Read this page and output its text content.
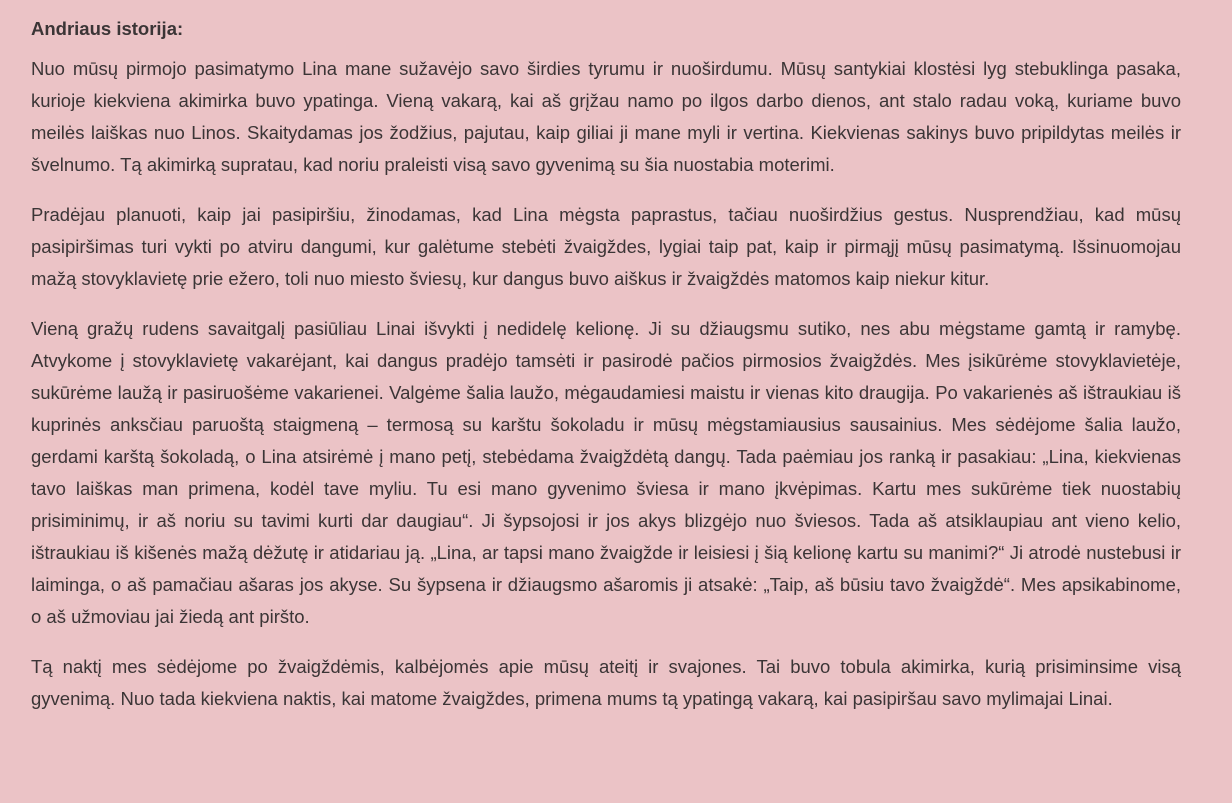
Andriaus istorija:

Nuo mūsų pirmojo pasimatymo Lina mane sužavėjo savo širdies tyrumu ir nuoširdumu. Mūsų santykiai klostėsi lyg stebuklinga pasaka, kurioje kiekviena akimirka buvo ypatinga. Vieną vakarą, kai aš grįžau namo po ilgos darbo dienos, ant stalo radau voką, kuriame buvo meilės laiškas nuo Linos. Skaitydamas jos žodžius, pajutau, kaip giliai ji mane myli ir vertina. Kiekvienas sakinys buvo pripildytas meilės ir švelnumo. Tą akimirką supratau, kad noriu praleisti visą savo gyvenimą su šia nuostabia moterimi.

Pradėjau planuoti, kaip jai pasipiršiu, žinodamas, kad Lina mėgsta paprastus, tačiau nuoširdžius gestus. Nusprendžiau, kad mūsų pasipiršimas turi vykti po atviru dangumi, kur galėtume stebėti žvaigždes, lygiai taip pat, kaip ir pirmąjį mūsų pasimatymą. Išsinuomojau mažą stovyklavietę prie ežero, toli nuo miesto šviesų, kur dangus buvo aiškus ir žvaigždės matomos kaip niekur kitur.

Vieną gražų rudens savaitgalį pasiūliau Linai išvykti į nedidelę kelionę. Ji su džiaugsmu sutiko, nes abu mėgstame gamtą ir ramybę. Atvykome į stovyklavietę vakarėjant, kai dangus pradėjo tamsėti ir pasirodė pačios pirmosios žvaigždės. Mes įsikūrėme stovyklavietėje, sukūrėme laužą ir pasiruošėme vakarienei. Valgėme šalia laužo, mėgaudamiesi maistu ir vienas kito draugija. Po vakarienės aš ištraukiau iš kuprinės anksčiau paruoštą staigmeną – termosą su karštu šokoladu ir mūsų mėgstamiausius sausainius. Mes sėdėjome šalia laužo, gerdami karštą šokoladą, o Lina atsirėmė į mano petį, stebėdama žvaigždėtą dangų. Tada paėmiau jos ranką ir pasakiau: „Lina, kiekvienas tavo laiškas man primena, kodėl tave myliu. Tu esi mano gyvenimo šviesa ir mano įkvėpimas. Kartu mes sukūrėme tiek nuostabių prisiminimų, ir aš noriu su tavimi kurti dar daugiau“. Ji šypsojosi ir jos akys blizgėjo nuo šviesos. Tada aš atsiklaupiau ant vieno kelio, ištraukiau iš kišenės mažą dėžutę ir atidariau ją. „Lina, ar tapsi mano žvaigžde ir leisiesi į šią kelionę kartu su manimi?“ Ji atrodė nustebusi ir laiminga, o aš pamačiau ašaras jos akyse. Su šypsena ir džiaugsmo ašaromis ji atsakė: „Taip, aš būsiu tavo žvaigždė“. Mes apsikabinome, o aš užmoviau jai žiedą ant piršto.

Tą naktį mes sėdėjome po žvaigždėmis, kalbėjomės apie mūsų ateitį ir svajones. Tai buvo tobula akimirka, kurią prisiminsime visą gyvenimą. Nuo tada kiekviena naktis, kai matome žvaigždes, primena mums tą ypatingą vakarą, kai pasipiršau savo mylimajai Linai.
